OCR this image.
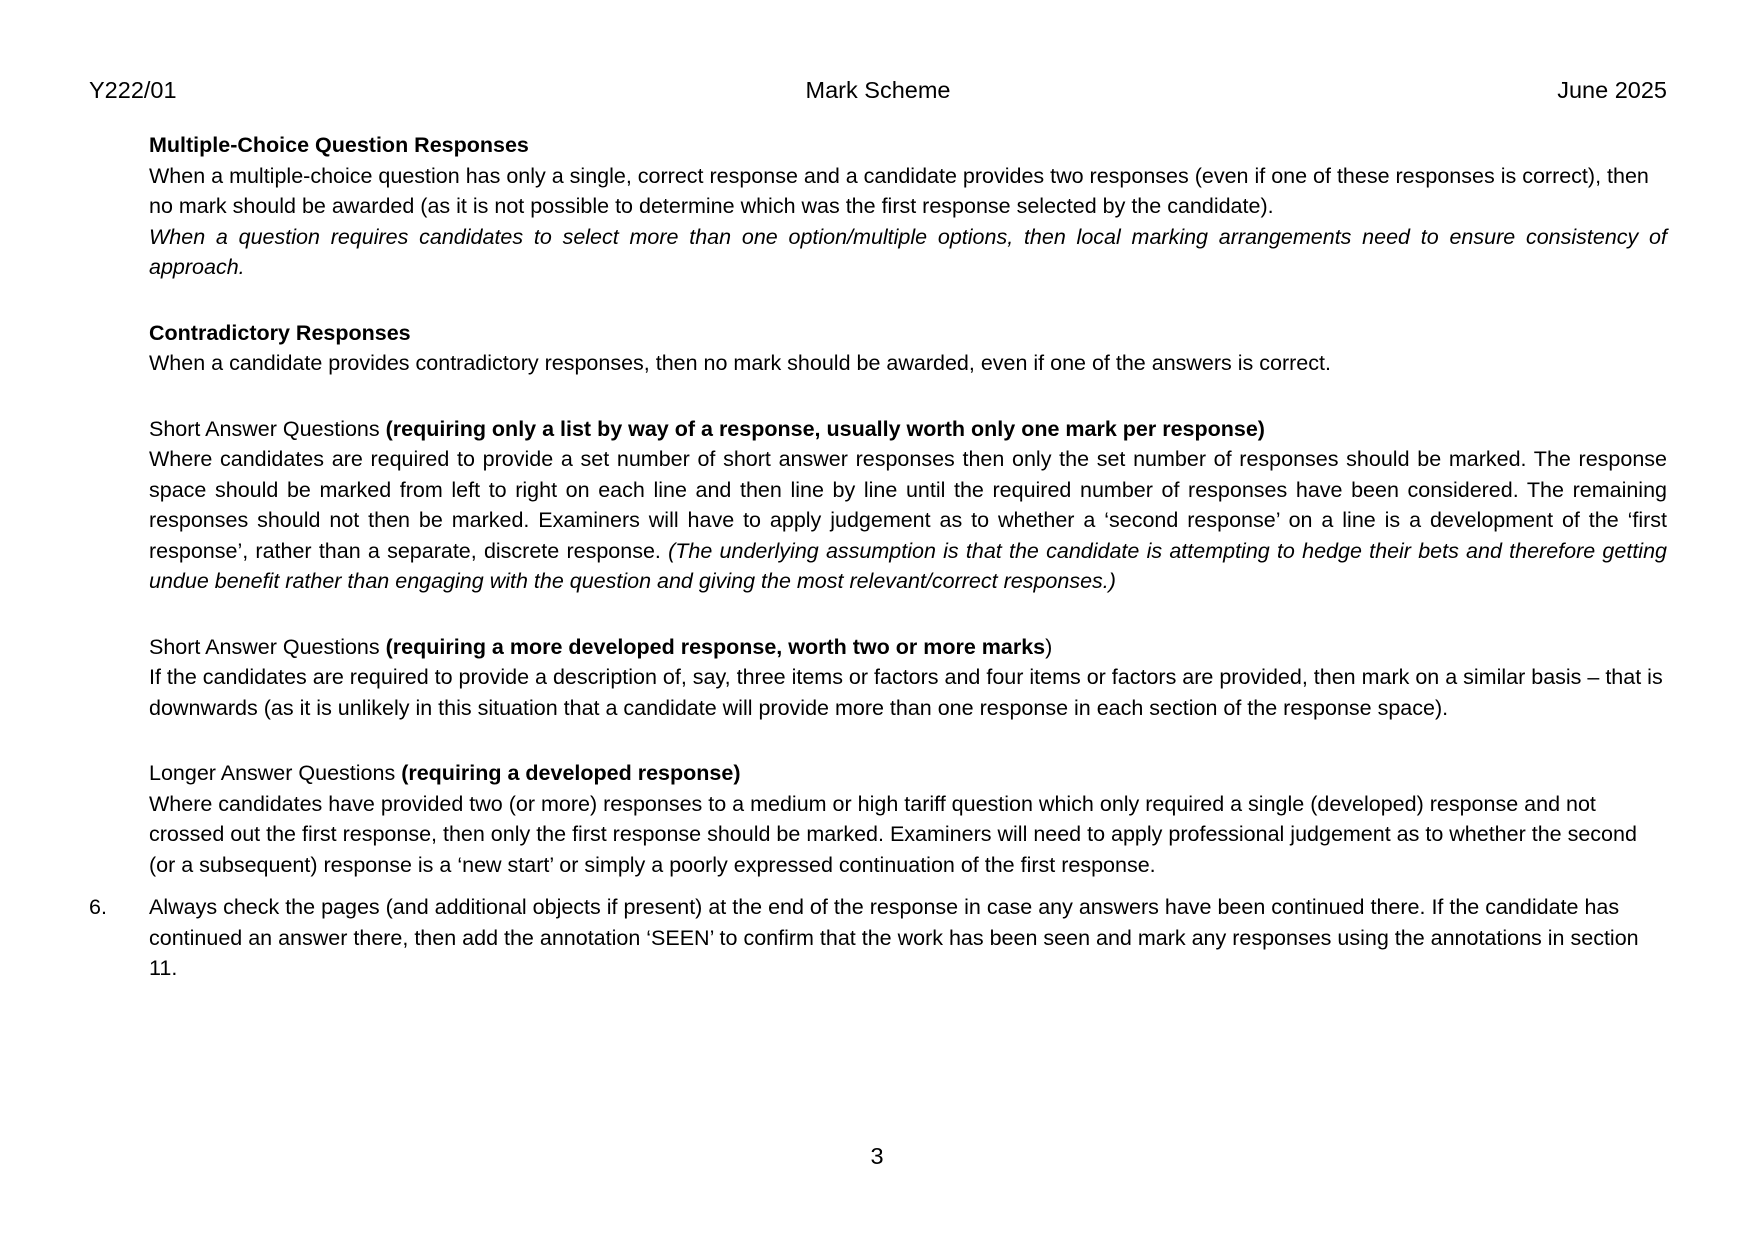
Y222/01	Mark Scheme	June 2025

Multiple-Choice Question Responses

When a multiple-choice question has only a single, correct response and a candidate provides two responses (even if one of these responses is correct), then no mark should be awarded (as it is not possible to determine which was the first response selected by the candidate).

When a question requires candidates to select more than one option/multiple options, then local marking arrangements need to ensure consistency of approach.

Contradictory Responses

When a candidate provides contradictory responses, then no mark should be awarded, even if one of the answers is correct.

Short Answer Questions (requiring only a list by way of a response, usually worth only one mark per response)

Where candidates are required to provide a set number of short answer responses then only the set number of responses should be marked. The response space should be marked from left to right on each line and then line by line until the required number of responses have been considered. The remaining responses should not then be marked. Examiners will have to apply judgement as to whether a ‘second response’ on a line is a development of the ‘first response’, rather than a separate, discrete response. (The underlying assumption is that the candidate is attempting to hedge their bets and therefore getting undue benefit rather than engaging with the question and giving the most relevant/correct responses.)

Short Answer Questions (requiring a more developed response, worth two or more marks)

If the candidates are required to provide a description of, say, three items or factors and four items or factors are provided, then mark on a similar basis – that is downwards (as it is unlikely in this situation that a candidate will provide more than one response in each section of the response space).

Longer Answer Questions (requiring a developed response)

Where candidates have provided two (or more) responses to a medium or high tariff question which only required a single (developed) response and not crossed out the first response, then only the first response should be marked. Examiners will need to apply professional judgement as to whether the second (or a subsequent) response is a ‘new start’ or simply a poorly expressed continuation of the first response.

6. Always check the pages (and additional objects if present) at the end of the response in case any answers have been continued there. If the candidate has continued an answer there, then add the annotation ‘SEEN’ to confirm that the work has been seen and mark any responses using the annotations in section 11.
3
